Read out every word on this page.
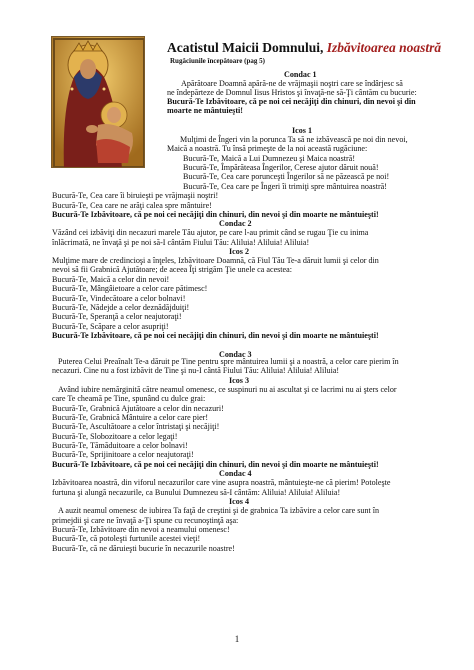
Acatistul Maicii Domnului, Izbăvitoarea noastră
Rugăciunile începătoare (pag 5)
Condac 1
Apărătoare Doamnă apără-ne de vrăjmaşii noştri care se îndârjesc să
ne îndepărteze de Domnul Iisus Hristos şi învaţă-ne să-Ţi cântăm cu bucurie:
Bucură-Te Izbăvitoare, că pe noi cei necăjiţi din chinuri, din nevoi şi din
moarte ne mântuieşti!
Icos 1
Mulţimi de Îngeri vin la porunca Ta să ne izbăvească pe noi din nevoi,
Maică a noastră. Tu însă primeşte de la noi această rugăciune:
Bucură-Te, Maică a Lui Dumnezeu şi Maica noastră!
Bucură-Te, Împărăteasa Îngerilor, Cerese ajutor dăruit nouă!
Bucură-Te, Cea care porunceşti Îngerilor să ne păzească pe noi!
Bucură-Te, Cea care pe Îngeri îi trimiţi spre mântuirea noastră!
Bucură-Te, Cea care îi biruieşti pe vrăjmaşii noştri!
Bucură-Te, Cea care ne arăţi calea spre mântuire!
Bucură-Te Izbăvitoare, că pe noi cei necăjiţi din chinuri, din nevoi şi din moarte ne mântuieşti!
Condac 2
Văzând cei izbăviţi din necazuri marele Tău ajutor, pe care l-au primit când se rugau Ţie cu inima
înlăcrimată, ne învaţă şi pe noi să-I cântăm Fiului Tău: Aliluia! Aliluia! Aliluia!
Icos 2
Mulţime mare de credincioşi a înţeles, Izbăvitoare Doamnă, că Fiul Tău Te-a dăruit lumii şi celor din
nevoi să fii Grabnică Ajutătoare; de aceea Îţi strigăm Ţie unele ca acestea:
Bucură-Te, Maică a celor din nevoi!
Bucură-Te, Mângâietoare a celor care pătimesc!
Bucură-Te, Vindecătoare a celor bolnavi!
Bucură-Te, Nădejde a celor deznădăjduiţi!
Bucură-Te, Speranţă a celor neajutoraţi!
Bucură-Te, Scăpare a celor asupriţi!
Bucură-Te Izbăvitoare, că pe noi cei necăjiţi din chinuri, din nevoi şi din moarte ne mântuieşti!
Condac 3
Puterea Celui Preaînalt Te-a dăruit pe Tine pentru spre mântuirea lumii şi a noastră, a celor care pierim în
necazuri. Cine nu a fost izbăvit de Tine şi nu-I cântă Fiului Tău: Aliluia! Aliluia! Aliluia!
Icos 3
Având iubire nemărginită către neamul omenesc, ce suspinuri nu ai ascultat şi ce lacrimi nu ai şters celor
care Te cheamă pe Tine, spunând cu dulce grai:
Bucură-Te, Grabnică Ajutătoare a celor din necazuri!
Bucură-Te, Grabnică Mântuire a celor care pier!
Bucură-Te, Ascultătoare a celor întristaţi şi necăjiţi!
Bucură-Te, Slobozitoare a celor legaţi!
Bucură-Te, Tămăduitoare a celor bolnavi!
Bucură-Te, Sprijinitoare a celor neajutoraţi!
Bucură-Te Izbăvitoare, că pe noi cei necăjiţi din chinuri, din nevoi şi din moarte ne mântuieşti!
Condac 4
Izbăvitoarea noastră, din viforul necazurilor care vine asupra noastră, mântuieşte-ne că pierim! Potoleşte
furtuna şi alungă necazurile, ca Bunului Dumnezeu să-I cântăm: Aliluia! Aliluia! Aliluia!
Icos 4
A auzit neamul omenesc de iubirea Ta faţă de creştini şi de grabnica Ta izbăvire a celor care sunt în
primejdii şi care ne învaţă a-Ţi spune cu recunoştinţă aşa:
Bucură-Te, Izbăvitoare din nevoi a neamului omenesc!
Bucură-Te, că potoleşti furtunile acestei vieţi!
Bucură-Te, că ne dăruieşti bucurie în necazurile noastre!
1
